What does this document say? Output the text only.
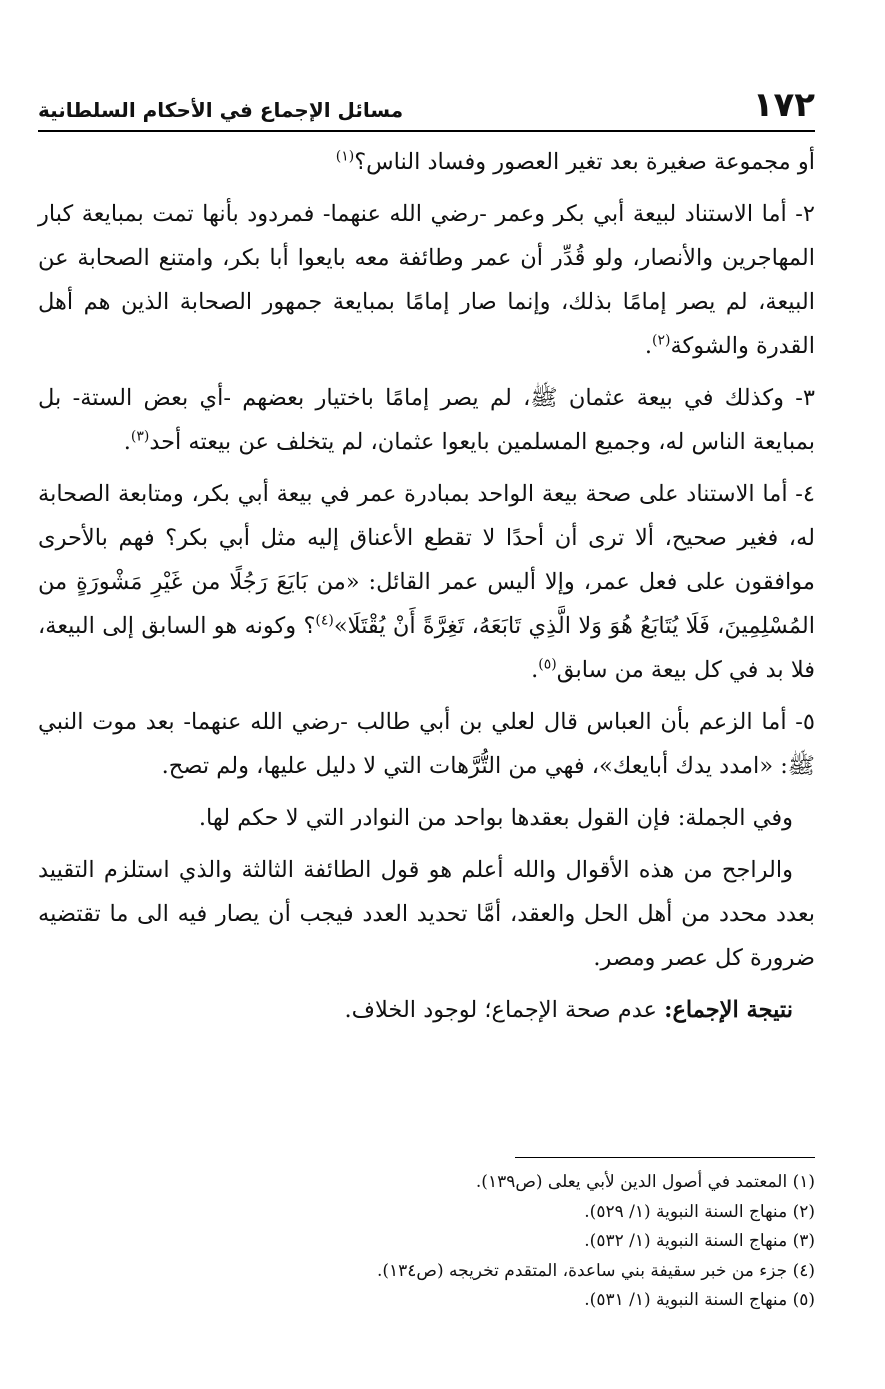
١٧٢
مسائل الإجماع في الأحكام السلطانية

أو مجموعة صغيرة بعد تغير العصور وفساد الناس؟$^{(١)}$

٢- أما الاستناد لبيعة أبي بكر وعمر -رضي الله عنهما- فمردود بأنها تمت بمبايعة كبار المهاجرين والأنصار، ولو قُدِّر أن عمر وطائفة معه بايعوا أبا بكر، وامتنع الصحابة عن البيعة، لم يصر إمامًا بذلك، وإنما صار إمامًا بمبايعة جمهور الصحابة الذين هم أهل القدرة والشوكة$^{(٢)}$.

٣- وكذلك في بيعة عثمان ﷺ، لم يصر إمامًا باختيار بعضهم -أي بعض الستة- بل بمبايعة الناس له، وجميع المسلمين بايعوا عثمان، لم يتخلف عن بيعته أحد$^{(٣)}$.

٤- أما الاستناد على صحة بيعة الواحد بمبادرة عمر في بيعة أبي بكر، ومتابعة الصحابة له، فغير صحيح، ألا ترى أن أحدًا لا تقطع الأعناق إليه مثل أبي بكر؟ فهم بالأحرى موافقون على فعل عمر، وإلا أليس عمر القائل: «من بَايَعَ رَجُلًا من غَيْرِ مَشْورَةٍ من المُسْلِمِينَ، فَلَا يُتَابَعُ هُوَ وَلا الَّذِي تَابَعَهُ، تَغِرَّةً أَنْ يُقْتَلَا»$^{(٤)}$؟ وكونه هو السابق إلى البيعة، فلا بد في كل بيعة من سابق$^{(٥)}$.

٥- أما الزعم بأن العباس قال لعلي بن أبي طالب -رضي الله عنهما- بعد موت النبي ﷺ: «امدد يدك أبايعك»، فهي من التُّرَّهات التي لا دليل عليها، ولم تصح.

وفي الجملة: فإن القول بعقدها بواحد من النوادر التي لا حكم لها.

والراجح من هذه الأقوال والله أعلم هو قول الطائفة الثالثة والذي استلزم التقييد بعدد محدد من أهل الحل والعقد، أمَّا تحديد العدد فيجب أن يصار فيه الى ما تقتضيه ضرورة كل عصر ومصر.

نتيجة الإجماع: عدم صحة الإجماع؛ لوجود الخلاف.

(١) المعتمد في أصول الدين لأبي يعلى (ص١٣٩).

(٢) منهاج السنة النبوية (١/ ٥٢٩).

(٣) منهاج السنة النبوية (١/ ٥٣٢).

(٤) جزء من خبر سقيفة بني ساعدة، المتقدم تخريجه (ص١٣٤).

(٥) منهاج السنة النبوية (١/ ٥٣١).
